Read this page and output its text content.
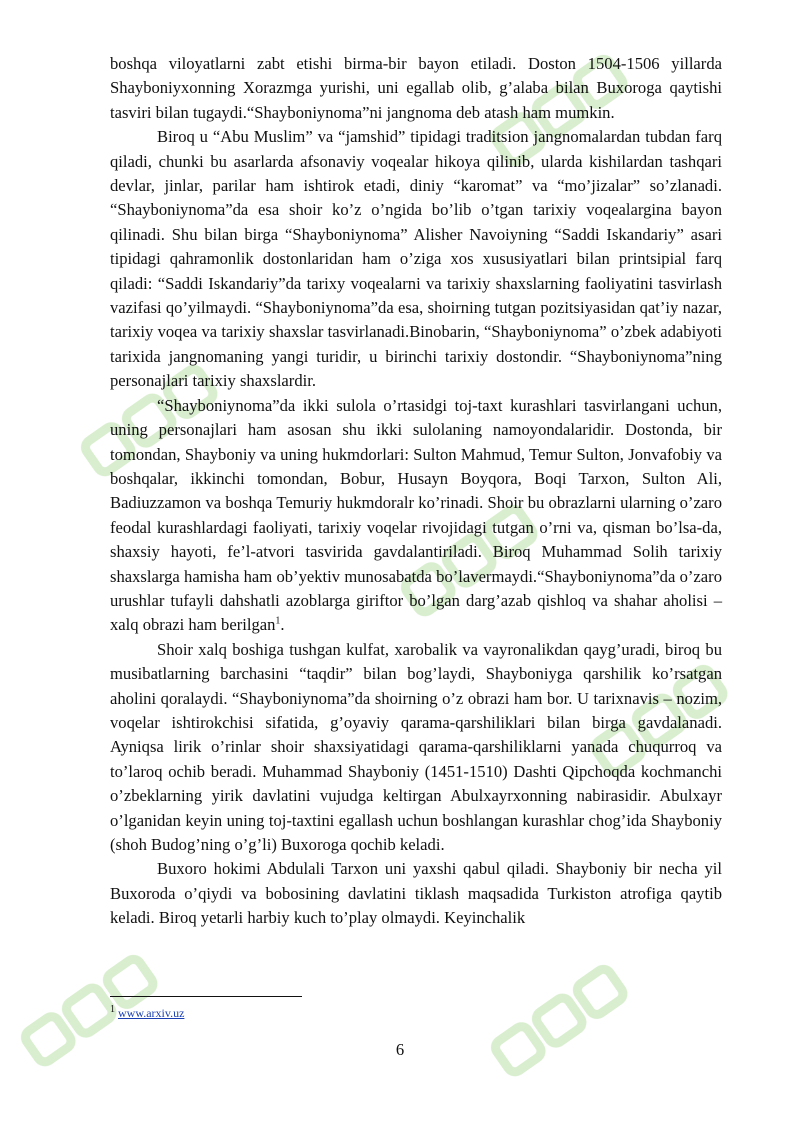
boshqa viloyatlarni zabt etishi birma-bir bayon etiladi. Doston 1504-1506 yillarda Shayboniyxonning Xorazmga yurishi, uni egallab olib, g’alaba bilan Buxoroga qaytishi tasviri bilan tugaydi.“Shayboniynoma”ni jangnoma deb atash ham mumkin.

Biroq u “Abu Muslim” va “jamshid” tipidagi traditsion jangnomalardan tubdan farq qiladi, chunki bu asarlarda afsonaviy voqealar hikoya qilinib, ularda kishilardan tashqari devlar, jinlar, parilar ham ishtirok etadi, diniy “karomat” va “mo’jizalar” so’zlanadi. “Shayboniynoma”da esa shoir ko’z o’ngida bo’lib o’tgan tarixiy voqealargina bayon qilinadi. Shu bilan birga “Shayboniynoma” Alisher Navoiyning “Saddi Iskandariy” asari tipidagi qahramonlik dostonlaridan ham o’ziga xos xususiyatlari bilan printsipial farq qiladi: “Saddi Iskandariy”da tarixy voqealarni va tarixiy shaxslarning faoliyatini tasvirlash vazifasi qo’yilmaydi. “Shayboniynoma”da esa, shoirning tutgan pozitsiyasidan qat’iy nazar, tarixiy voqea va tarixiy shaxslar tasvirlanadi.Binobarin, “Shayboniynoma” o’zbek adabiyoti tarixida jangnomaning yangi turidir, u birinchi tarixiy dostondir. “Shayboniynoma”ning personajlari tarixiy shaxslardir.

“Shayboniynoma”da ikki sulola o’rtasidgi toj-taxt kurashlari tasvirlangani uchun, uning personajlari ham asosan shu ikki sulolaning namoyondalaridir. Dostonda, bir tomondan, Shayboniy va uning hukmdorlari: Sulton Mahmud, Temur Sulton, Jonvafobiy va boshqalar, ikkinchi tomondan, Bobur, Husayn Boyqora, Boqi Tarxon, Sulton Ali, Badiuzzamon va boshqa Temuriy hukmdoralr ko’rinadi. Shoir bu obrazlarni ularning o’zaro feodal kurashlardagi faoliyati, tarixiy voqelar rivojidagi tutgan o’rni va, qisman bo’lsa-da, shaxsiy hayoti, fe’l-atvori tasvirida gavdalantiriladi. Biroq Muhammad Solih tarixiy shaxslarga hamisha ham ob’yektiv munosabatda bo’lavermaydi.“Shayboniynoma”da o’zaro urushlar tufayli dahshatli azoblarga giriftor bo’lgan darg’azab qishloq va shahar aholisi – xalq obrazi ham berilgan$^1$.

Shoir xalq boshiga tushgan kulfat, xarobalik va vayronalikdan qayg’uradi, biroq bu musibatlarning barchasini “taqdir” bilan bog’laydi, Shayboniyga qarshilik ko’rsatgan aholini qoralaydi. “Shayboniynoma”da shoirning o’z obrazi ham bor. U tarixnavis – nozim, voqelar ishtirokchisi sifatida, g’oyaviy qarama-qarshiliklari bilan birga gavdalanadi. Ayniqsa lirik o’rinlar shoir shaxsiyatidagi qarama-qarshiliklarni yanada chuqurroq va to’laroq ochib beradi. Muhammad Shayboniy (1451-1510) Dashti Qipchoqda kochmanchi o’zbeklarning yirik davlatini vujudga keltirgan Abulxayrxonning nabirasidir. Abulxayr o’lganidan keyin uning toj-taxtini egallash uchun boshlangan kurashlar chog’ida Shayboniy (shoh Budog’ning o’g’li) Buxoroga qochib keladi.

Buxoro hokimi Abdulali Tarxon uni yaxshi qabul qiladi. Shayboniy bir necha yil Buxoroda o’qiydi va bobosining davlatini tiklash maqsadida Turkiston atrofiga qaytib keladi. Biroq yetarli harbiy kuch to’play olmaydi. Keyinchalik

$^1$ www.arxiv.uz
6
